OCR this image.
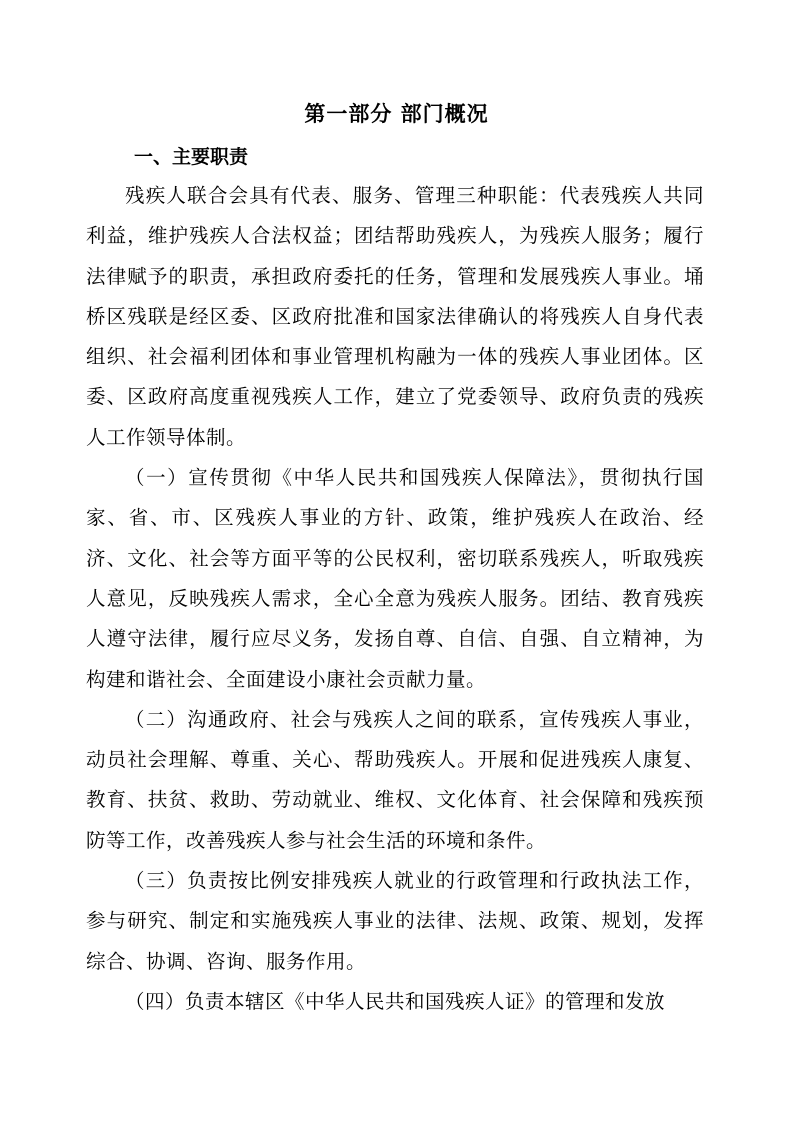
第一部分 部门概况
一、主要职责

残疾人联合会具有代表、服务、管理三种职能：代表残疾人共同利益，维护残疾人合法权益；团结帮助残疾人，为残疾人服务；履行法律赋予的职责，承担政府委托的任务，管理和发展残疾人事业。埇桥区残联是经区委、区政府批准和国家法律确认的将残疾人自身代表组织、社会福利团体和事业管理机构融为一体的残疾人事业团体。区委、区政府高度重视残疾人工作，建立了党委领导、政府负责的残疾人工作领导体制。

（一）宣传贯彻《中华人民共和国残疾人保障法》，贯彻执行国家、省、市、区残疾人事业的方针、政策，维护残疾人在政治、经济、文化、社会等方面平等的公民权利，密切联系残疾人，听取残疾人意见，反映残疾人需求，全心全意为残疾人服务。团结、教育残疾人遵守法律，履行应尽义务，发扬自尊、自信、自强、自立精神，为构建和谐社会、全面建设小康社会贡献力量。

（二）沟通政府、社会与残疾人之间的联系，宣传残疾人事业，动员社会理解、尊重、关心、帮助残疾人。开展和促进残疾人康复、教育、扶贫、救助、劳动就业、维权、文化体育、社会保障和残疾预防等工作，改善残疾人参与社会生活的环境和条件。

（三）负责按比例安排残疾人就业的行政管理和行政执法工作，参与研究、制定和实施残疾人事业的法律、法规、政策、规划，发挥综合、协调、咨询、服务作用。

（四）负责本辖区《中华人民共和国残疾人证》的管理和发放
